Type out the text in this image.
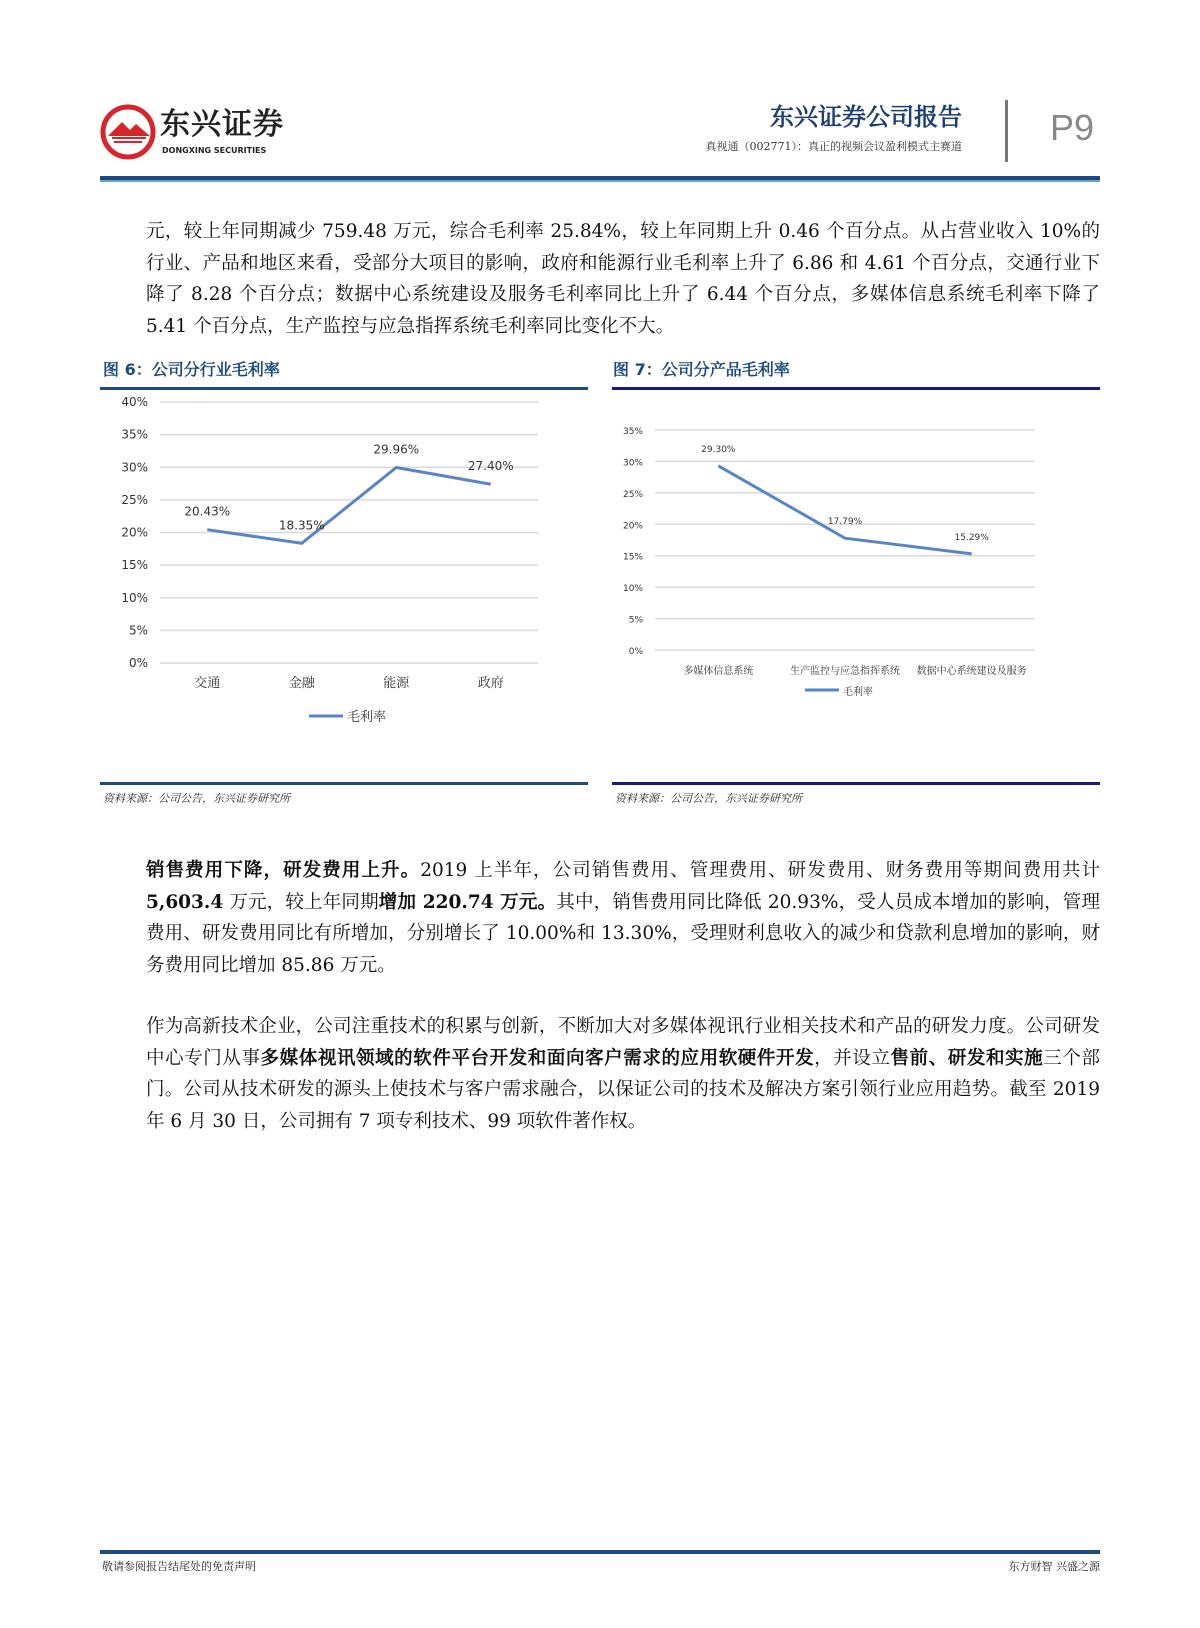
东兴证券
DONGXING SECURITIES
东兴证券公司报告
真视通（002771）：真正的视频会议盈利模式主赛道 P9

元，较上年同期减少 759.48 万元，综合毛利率 25.84%，较上年同期上升 0.46 个百分点。从占营业收入 10%的行业、产品和地区来看，受部分大项目的影响，政府和能源行业毛利率上升了 6.86 和 4.61 个百分点，交通行业下降了 8.28 个百分点；数据中心系统建设及服务毛利率同比上升了 6.44 个百分点，多媒体信息系统毛利率下降了 5.41 个百分点，生产监控与应急指挥系统毛利率同比变化不大。

图 6：公司分行业毛利率	图 7：公司分产品毛利率
0%
5%
10%
15%
20%
25%
30%
35%
40%
交通	金融	能源	政府
20.43%
18.35%
29.96%
27.40%
毛利率
0%
5%
10%
15%
20%
25%
30%
35%
多媒体信息系统	生产监控与应急指挥系统 数据中心系统建设及服务
29.30%
17.79%
15.29%
毛利率
资料来源：公司公告，东兴证券研究所	资料来源：公司公告，东兴证券研究所

销售费用下降，研发费用上升。2019 上半年，公司销售费用、管理费用、研发费用、财务费用等期间费用共计 5,603.4 万元，较上年同期增加 220.74 万元。其中，销售费用同比降低 20.93%，受人员成本增加的影响，管理费用、研发费用同比有所增加，分别增长了 10.00%和 13.30%，受理财利息收入的减少和贷款利息增加的影响，财务费用同比增加 85.86 万元。

作为高新技术企业，公司注重技术的积累与创新，不断加大对多媒体视讯行业相关技术和产品的研发力度。公司研发中心专门从事多媒体视讯领域的软件平台开发和面向客户需求的应用软硬件开发，并设立售前、研发和实施三个部门。公司从技术研发的源头上使技术与客户需求融合，以保证公司的技术及解决方案引领行业应用趋势。截至 2019 年 6 月 30 日，公司拥有 7 项专利技术、99 项软件著作权。

敬请参阅报告结尾处的免责声明	东方财智 兴盛之源
